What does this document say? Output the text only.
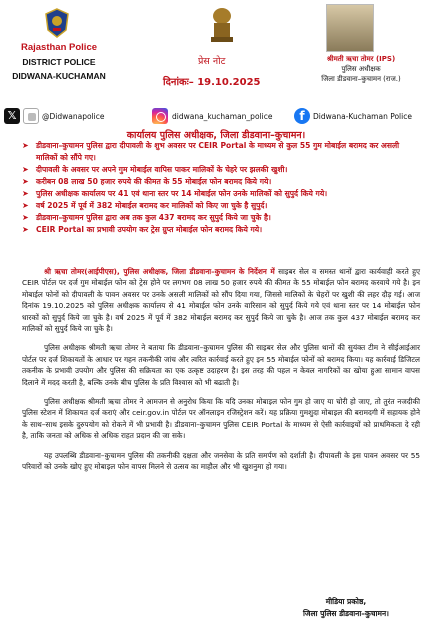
Rajasthan Police
DISTRICT POLICE
DIDWANA-KUCHAMAN
प्रेस नोट
दिनांकः– 19.10.2025
श्रीमती ऋचा तोमर (IPS)
पुलिस अधीक्षक
जिला डीडवाना–कुचामन (राज.)
𝕏	@Didwanapolice	didwana_kuchaman_police	f	Didwana-Kuchaman Police
कार्यालय पुलिस अधीक्षक, जिला डीडवाना–कुचामन।
➤ डीडवाना–कुचामन पुलिस द्वारा दीपावली के शुभ अवसर पर CEIR Portal के माध्यम से कुल 55 गुम मोबाईल बरामद कर असली मालिकों को सौंपे गए।
➤ दीपावली के अवसर पर अपने गुम मोबाईल वापिस पाकर मालिकों के चेहरे पर झलकी खुशी।
➤ करीबन 08 लाख 50 हजार रुपये की कीमत के 55 मोबाईल फोन बरामद किये गये।
➤ पुलिस अधीक्षक कार्यालय पर 41 एवं थाना स्तर पर 14 मोबाईल फोन उनके मालिकों को सुपुर्द किये गये।
➤ वर्ष 2025 में पूर्व में 382 मोबाईल बरामद कर मालिकों को किए जा चुके है सुपुर्द।
➤ डीडवाना–कुचामन पुलिस द्वारा अब तक कुल 437 बरामद कर सुपुर्द किये जा चुके है।
➤ CEIR Portal का प्रभावी उपयोग कर ट्रेस ग्रुप्त मोबाईल फोन बरामद किये गये।

श्री ऋचा तोमर(आईपीएस), पुलिस अधीक्षक, जिला डीडवाना–कुचामन के निर्देशन में साइबर सेल व समस्त थानों द्वारा कार्यवाही करते हुए CEIR पोर्टल पर दर्ज गुम मोबाईल फोन को ट्रेस होने पर लगभग 08 लाख 50 हजार रुपये की कीमत के 55 मोबाईल फोन बरामद करवाये गये है। इन मोबाईल फोनों को दीपावली के पावन अवसर पर उनके असली मालिकों को सौंप दिया गया, जिससे मालिकों के चेहरों पर खुशी की लहर दौड़ गई। आज दिनांक 19.10.2025 को पुलिस अधीक्षक कार्यालय से 41 मोबाईल फोन उनके वारिसान को सुपुर्द किये गये एवं थाना स्तर पर 14 मोबाईल फोन धारकों को सुपुर्द किये जा चुके है। वर्ष 2025 में पूर्व में 382 मोबाईल बरामद कर सुपुर्द किये जा चुके है। आज तक कुल 437 मोबाईल बरामद कर मालिकों को सुपुर्द किये जा चुके है।

पुलिस अधीक्षक श्रीमती ऋचा तोमर ने बताया कि डीडवाना–कुचामन पुलिस की साइबर सेल और पुलिस थानों की सुयंक्त टीम ने सीईआईआर पोर्टल पर दर्ज शिकायतों के आधार पर गहन तकनीकी जांच और त्वरित कार्रवाई करते हुए इन 55 मोबाईल फोनों को बरामद किया। यह कार्रवाई डिजिटल तकनीक के प्रभावी उपयोग और पुलिस की सक्रियता का एक उत्कृष्ट उदाहरण है। इस तरह की पहल न केवल नागरिकों का खोया हुआ सामान वापस दिलाने में मदद करती है, बल्कि उनके बीच पुलिस के प्रति विश्वास को भी बढाती है।

पुलिस अधीक्षक श्रीमती ऋचा तोमर ने आमजन से अनुरोध किया कि यदि उनका मोबाइल फोन गुम हो जाए या चोरी हो जाए, तो तुरंत नजदीकी पुलिस स्टेशन में शिकायत दर्ज कराएं और ceir.gov.in पोर्टल पर ऑनलाइन रजिस्ट्रेशन करें। यह प्रक्रिया गुमशुदा मोबाइल की बरामदगी में सहायक होने के साथ–साथ इसके दुरुपयोग को रोकने में भी प्रभावी है। डीडवाना–कुचामन पुलिस CEIR Portal के माध्यम से ऐसी कार्रवाइयों को प्राथमिकता दे रही है, ताकि जनता को अधिक से अधिक राहत प्रदान की जा सके।

यह उपलब्धि डीडवाना–कुचामन पुलिस की तकनीकी दक्षता और जनसेवा के प्रति समर्पण को दर्शाती है। दीपावली के इस पावन अवसर पर 55 परिवारों को उनके खोए हुए मोबाइल फोन वापस मिलने से उत्सव का माहौल और भी खुशनुमा हो गया।

मीडिया प्रकोष्ठ,
जिला पुलिस डीडवाना–कुचामन।
